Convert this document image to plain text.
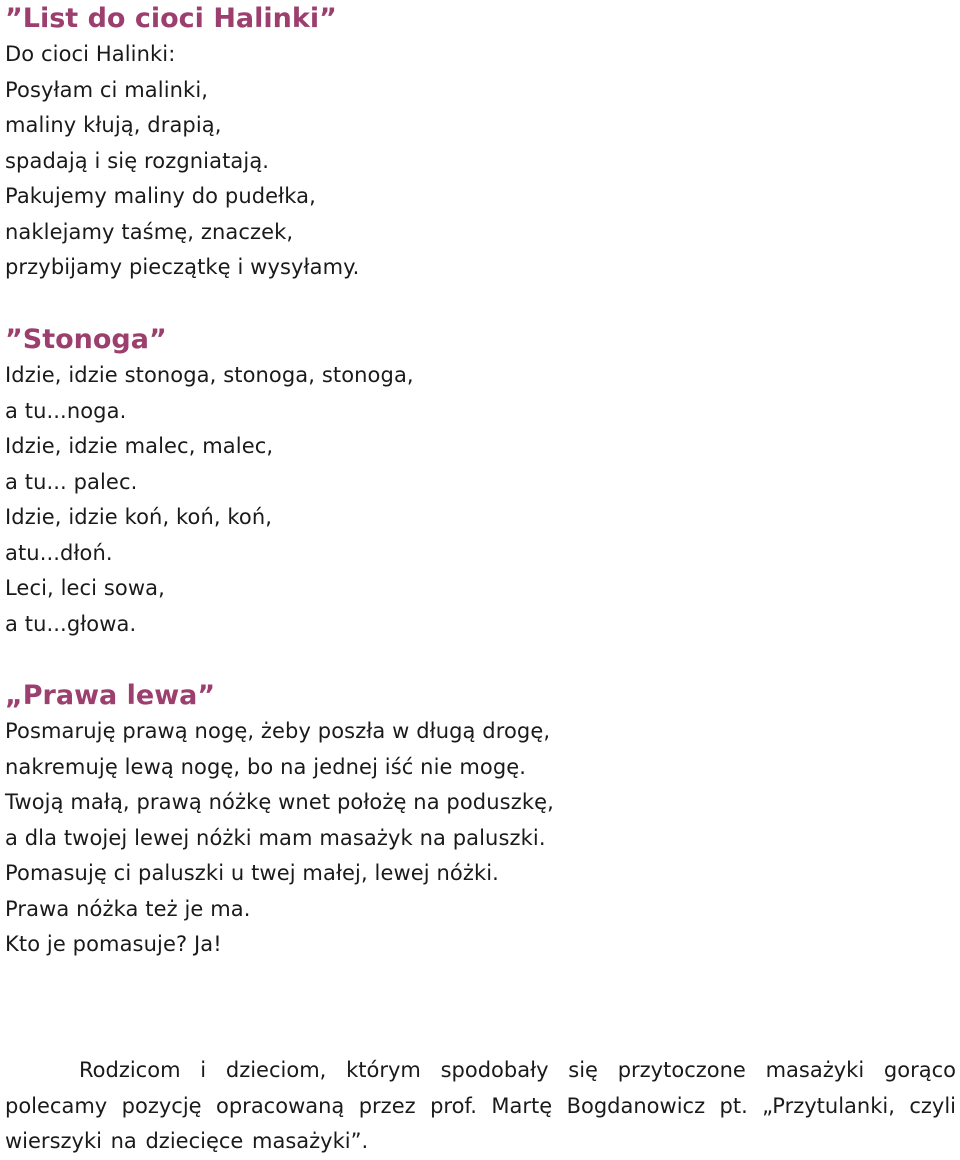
”List do cioci Halinki”
Do cioci Halinki:
Posyłam ci malinki,
maliny kłują, drapią,
spadają i się rozgniatają.
Pakujemy maliny do pudełka,
naklejamy taśmę, znaczek,
przybijamy pieczątkę i wysyłamy.
”Stonoga”
Idzie, idzie stonoga, stonoga, stonoga,
a tu...noga.
Idzie, idzie malec, malec,
a tu... palec.
Idzie, idzie koń, koń, koń,
atu...dłoń.
Leci, leci sowa,
a tu...głowa.
„Prawa lewa”
Posmaruję prawą nogę, żeby poszła w długą drogę,
nakremuję lewą nogę, bo na jednej iść nie mogę.
Twoją małą, prawą nóżkę wnet położę na poduszkę,
a dla twojej lewej nóżki mam masażyk na paluszki.
Pomasuję ci paluszki u twej małej, lewej nóżki.
Prawa nóżka też je ma.
Kto je pomasuje? Ja!

Rodzicom i dzieciom, którym spodobały się przytoczone masażyki gorąco polecamy pozycję opracowaną przez prof. Martę Bogdanowicz pt. „Przytulanki, czyli wierszyki na dziecięce masażyki”.
